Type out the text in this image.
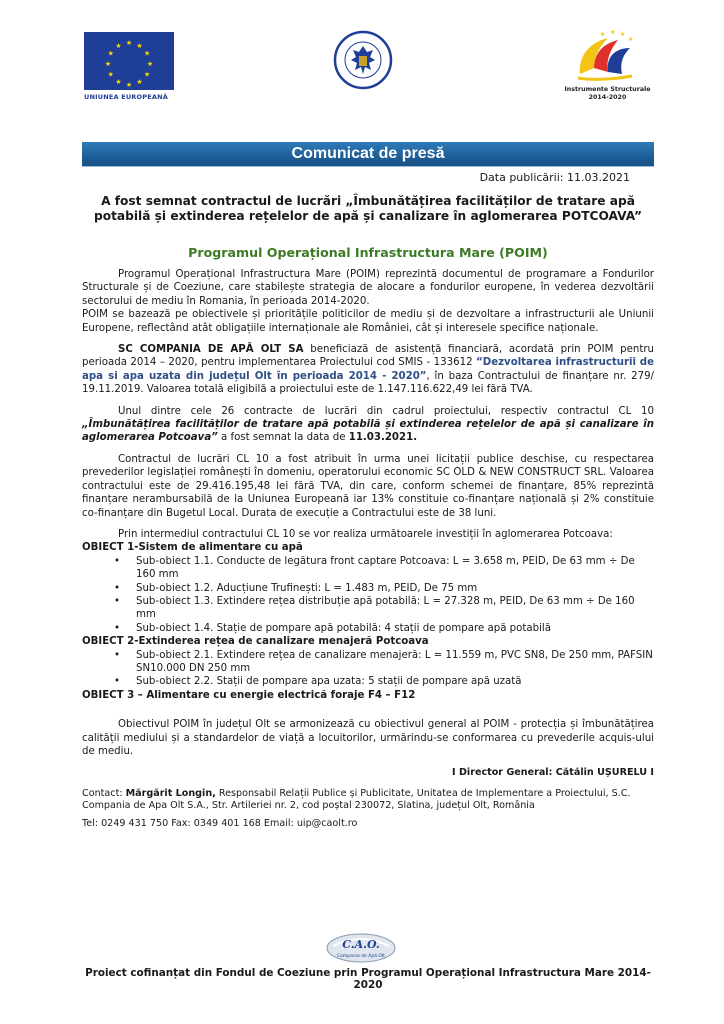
★ ★
★
★
★
★
★
★
★
★
★
★
UNIUNEA EUROPEANĂ
★ ★ ★
★
Instrumente Structurale
2014-2020
Comunicat de presă
Data publicării: 11.03.2021
A fost semnat contractul de lucrări „Îmbunătățirea facilităților de tratare apă
potabilă și extinderea rețelelor de apă și canalizare în aglomerarea POTCOAVA”
Programul Operațional Infrastructura Mare (POIM)

Programul Operațional Infrastructura Mare (POIM) reprezintă documentul de programare a Fondurilor Structurale și de Coeziune, care stabilește strategia de alocare a fondurilor europene, în vederea dezvoltării sectorului de mediu în Romania, în perioada 2014-2020.

POIM se bazează pe obiectivele și prioritățile politicilor de mediu și de dezvoltare a infrastructurii ale Uniunii Europene, reflectând atât obligațiile internaționale ale României, cât și interesele specifice naționale.

SC COMPANIA DE APĂ OLT SA beneficiază de asistență financiară, acordată prin POIM pentru perioada 2014 – 2020, pentru implementarea Proiectului cod SMIS - 133612 “Dezvoltarea infrastructurii de apa si apa uzata din județul Olt în perioada 2014 - 2020”, în baza Contractului de finanțare nr. 279/ 19.11.2019. Valoarea totală eligibilă a proiectului este de 1.147.116.622,49 lei fără TVA.

Unul dintre cele 26 contracte de lucrări din cadrul proiectului, respectiv contractul CL 10 „Îmbunătățirea facilităților de tratare apă potabilă și extinderea rețelelor de apă și canalizare în aglomerarea Potcoava” a fost semnat la data de 11.03.2021.

Contractul de lucrări CL 10 a fost atribuit în urma unei licitații publice deschise, cu respectarea prevederilor legislației românești în domeniu, operatorului economic SC OLD & NEW CONSTRUCT SRL. Valoarea contractului este de 29.416.195,48 lei fără TVA, din care, conform schemei de finanțare, 85% reprezintă finanțare nerambursabilă de la Uniunea Europeană iar 13% constituie co-finanțare națională și 2% constituie co-finanțare din Bugetul Local. Durata de execuție a Contractului este de 38 luni.

Prin intermediul contractului CL 10 se vor realiza următoarele investiții în aglomerarea Potcoava:

OBIECT 1-Sistem de alimentare cu apă
• Sub-obiect 1.1. Conducte de legătura front captare Potcoava: L = 3.658 m, PEID, De 63 mm ÷ De 160 mm
• Sub-obiect 1.2. Aducțiune Trufinești: L = 1.483 m, PEID, De 75 mm
• Sub-obiect 1.3. Extindere rețea distribuție apă potabilă: L = 27.328 m, PEID, De 63 mm ÷ De 160 mm
• Sub-obiect 1.4. Stație de pompare apă potabilă: 4 stații de pompare apă potabilă
OBIECT 2-Extinderea rețea de canalizare menajeră Potcoava
• Sub-obiect 2.1. Extindere rețea de canalizare menajeră: L = 11.559 m, PVC SN8, De 250 mm, PAFSIN SN10.000 DN 250 mm
• Sub-obiect 2.2. Stații de pompare apa uzata: 5 stații de pompare apă uzată
OBIECT 3 – Alimentare cu energie electrică foraje F4 – F12

Obiectivul POIM în județul Olt se armonizează cu obiectivul general al POIM - protecția și îmbunătățirea calității mediului și a standardelor de viață a locuitorilor, urmărindu-se conformarea cu prevederile acquis-ului de mediu.

I Director General: Cătălin UȘURELU I
Contact: Mărgărit Longin, Responsabil Relații Publice și Publicitate, Unitatea de Implementare a Proiectului, S.C. Compania de Apa Olt S.A., Str. Artileriei nr. 2, cod poștal 230072, Slatina, județul Olt, România
Tel: 0249 431 750 Fax: 0349 401 168 Email: uip@caolt.ro
C.A.O.
Compania de Apă Olt
Proiect cofinanțat din Fondul de Coeziune prin Programul Operațional Infrastructura Mare 2014-2020
